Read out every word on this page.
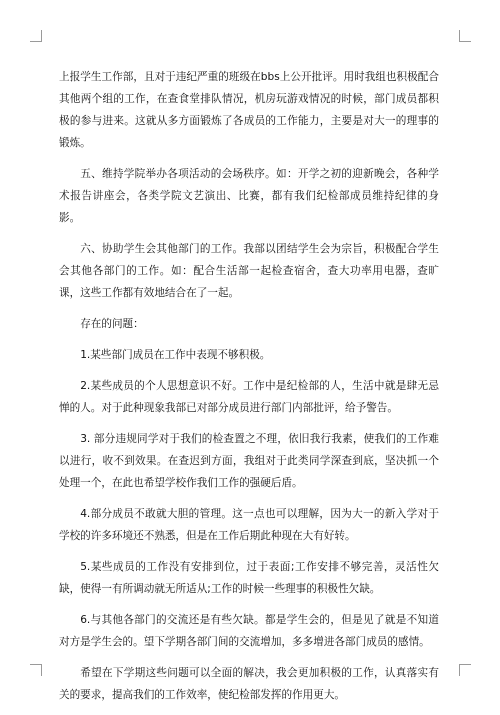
上报学生工作部，且对于违纪严重的班级在bbs上公开批评。用时我组也积极配合其他两个组的工作，在查食堂排队情况，机房玩游戏情况的时候，部门成员都积极的参与进来。这就从多方面锻炼了各成员的工作能力，主要是对大一的理事的锻炼。

五、维持学院举办各项活动的会场秩序。如：开学之初的迎新晚会，各种学术报告讲座会，各类学院文艺演出、比赛，都有我们纪检部成员维持纪律的身影。

六、协助学生会其他部门的工作。我部以团结学生会为宗旨，积极配合学生会其他各部门的工作。如：配合生活部一起检查宿舍，查大功率用电器，查旷课，这些工作都有效地结合在了一起。

存在的问题：

1.某些部门成员在工作中表现不够积极。

2.某些成员的个人思想意识不好。工作中是纪检部的人，生活中就是肆无忌惮的人。对于此种现象我部已对部分成员进行部门内部批评，给予警告。

3. 部分违规同学对于我们的检查置之不理，依旧我行我素，使我们的工作难以进行，收不到效果。在查迟到方面，我组对于此类同学深查到底，坚决抓一个处理一个，在此也希望学校作我们工作的强硬后盾。

4.部分成员不敢就大胆的管理。这一点也可以理解，因为大一的新入学对于学校的许多环境还不熟悉，但是在工作后期此种现在大有好转。

5.某些成员的工作没有安排到位，过于表面;工作安排不够完善，灵活性欠缺，使得一有所调动就无所适从;工作的时候一些理事的积极性欠缺。

6.与其他各部门的交流还是有些欠缺。都是学生会的，但是见了就是不知道对方是学生会的。望下学期各部门间的交流增加，多多增进各部门成员的感情。

希望在下学期这些问题可以全面的解决，我会更加积极的工作，认真落实有关的要求，提高我们的工作效率，使纪检部发挥的作用更大。
